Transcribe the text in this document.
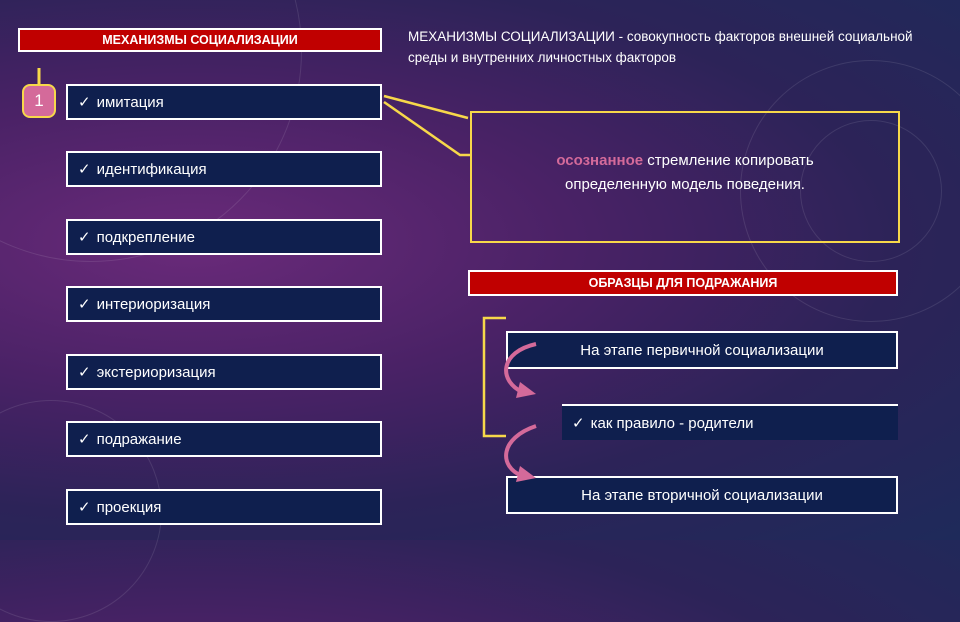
МЕХАНИЗМЫ СОЦИАЛИЗАЦИИ
1	✓ имитация
✓ идентификация
✓ подкрепление
✓ интериоризация
✓ экстериоризация
✓ подражание
✓ проекция
МЕХАНИЗМЫ СОЦИАЛИЗАЦИИ - совокупность факторов внешней социальной среды и внутренних личностных факторов
осознанное стремление копировать
определенную модель поведения.
ОБРАЗЦЫ ДЛЯ ПОДРАЖАНИЯ
На этапе первичной социализации
✓ как правило - родители
На этапе вторичной социализации
